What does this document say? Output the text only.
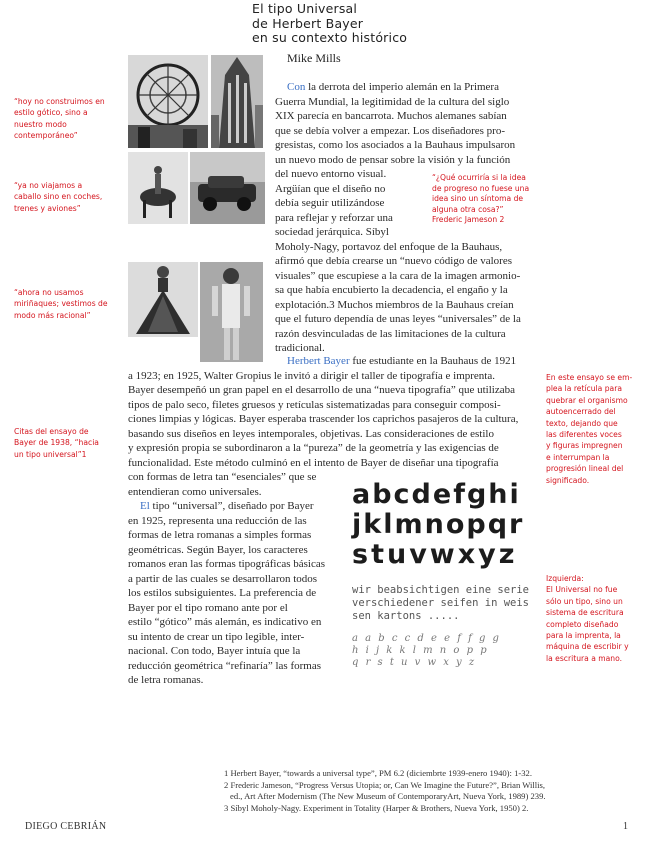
El tipo Universal
de Herbert Bayer
en su contexto histórico
Mike Mills
“hoy no construimos en
estilo gótico, sino a
nuestro modo
contemporáneo”
“ya no viajamos a
caballo sino en coches,
trenes y aviones”
“ahora no usamos
miriñaques; vestimos de
modo más racional”
Citas del ensayo de
Bayer de 1938, “hacia
un tipo universal”1
“¿Qué ocurriría si la idea
de progreso no fuese una
idea sino un síntoma de
alguna otra cosa?”
Frederic Jameson 2
En este ensayo se em-
plea la retícula para
quebrar el organismo
autoencerrado del
texto, dejando que
las diferentes voces
y figuras impregnen
e interrumpan la
progresión lineal del
significado.
Izquierda:
El Universal no fue
sólo un tipo, sino un
sistema de escritura
completo diseñado
para la imprenta, la
máquina de escribir y
la escritura a mano.
Con la derrota del imperio alemán en la Primera
Guerra Mundial, la legitimidad de la cultura del siglo
XIX parecía en bancarrota. Muchos alemanes sabían
que se debía volver a empezar. Los diseñadores pro-
gresistas, como los asociados a la Bauhaus impulsaron
un nuevo modo de pensar sobre la visión y la función
del nuevo entorno visual.
Argüían que el diseño no
debía seguir utilizándose
para reflejar y reforzar una
sociedad jerárquica. Síbyl
Moholy-Nagy, portavoz del enfoque de la Bauhaus,
afirmó que debía crearse un “nuevo código de valores
visuales” que escupiese a la cara de la imagen armonio-
sa que había encubierto la decadencia, el engaño y la
explotación.3 Muchos miembros de la Bauhaus creían
que el futuro dependía de unas leyes “universales” de la
razón desvinculadas de las limitaciones de la cultura
tradicional.
Herbert Bayer fue estudiante en la Bauhaus de 1921
a 1923; en 1925, Walter Gropius le invitó a dirigir el taller de tipografía e imprenta.
Bayer desempeñó un gran papel en el desarrollo de una “nueva tipografía” que utilizaba
tipos de palo seco, filetes gruesos y retículas sistematizadas para conseguir composi-
ciones limpias y lógicas. Bayer esperaba trascender los caprichos pasajeros de la cultura,
basando sus diseños en leyes intemporales, objetivas. Las consideraciones de estilo
y expresión propia se subordinaron a la “pureza” de la geometría y las exigencias de
funcionalidad. Este método culminó en el intento de Bayer de diseñar una tipografía
con formas de letra tan “esenciales” que se
entendieran como universales.
El tipo “universal”, diseñado por Bayer
en 1925, representa una reducción de las
formas de letra romanas a simples formas
geométricas. Según Bayer, los caracteres
romanos eran las formas tipográficas básicas
a partir de las cuales se desarrollaron todos
los estilos subsiguientes. La preferencia de
Bayer por el tipo romano ante por el
estilo “gótico” más alemán, es indicativo en
su intento de crear un tipo legible, inter-
nacional. Con todo, Bayer intuía que la
reducción geométrica “refinaría” las formas
de letra romanas.
abcdefghi
jklmnopqr
stuvwxyz
wir beabsichtigen eine serie
verschiedener seifen in weis
sen kartons .....
a a b c c d e e f f g g
h i j k k l m n o p p
q r s t u v w x y z
1 Herbert Bayer, “towards a universal type”, PM 6.2 (diciembrte 1939-enero 1940): 1-32.
2 Frederic Jameson, “Progress Versus Utopia; or, Can We Imagine the Future?”, Brian Willis,
ed., Art After Modernism (The New Museum of ContemporaryArt, Nueva York, 1989) 239.
3 Síbyl Moholy-Nagy. Experiment in Totality (Harper & Brothers, Nueva York, 1950) 2.
DIEGO CEBRIÁN	1
